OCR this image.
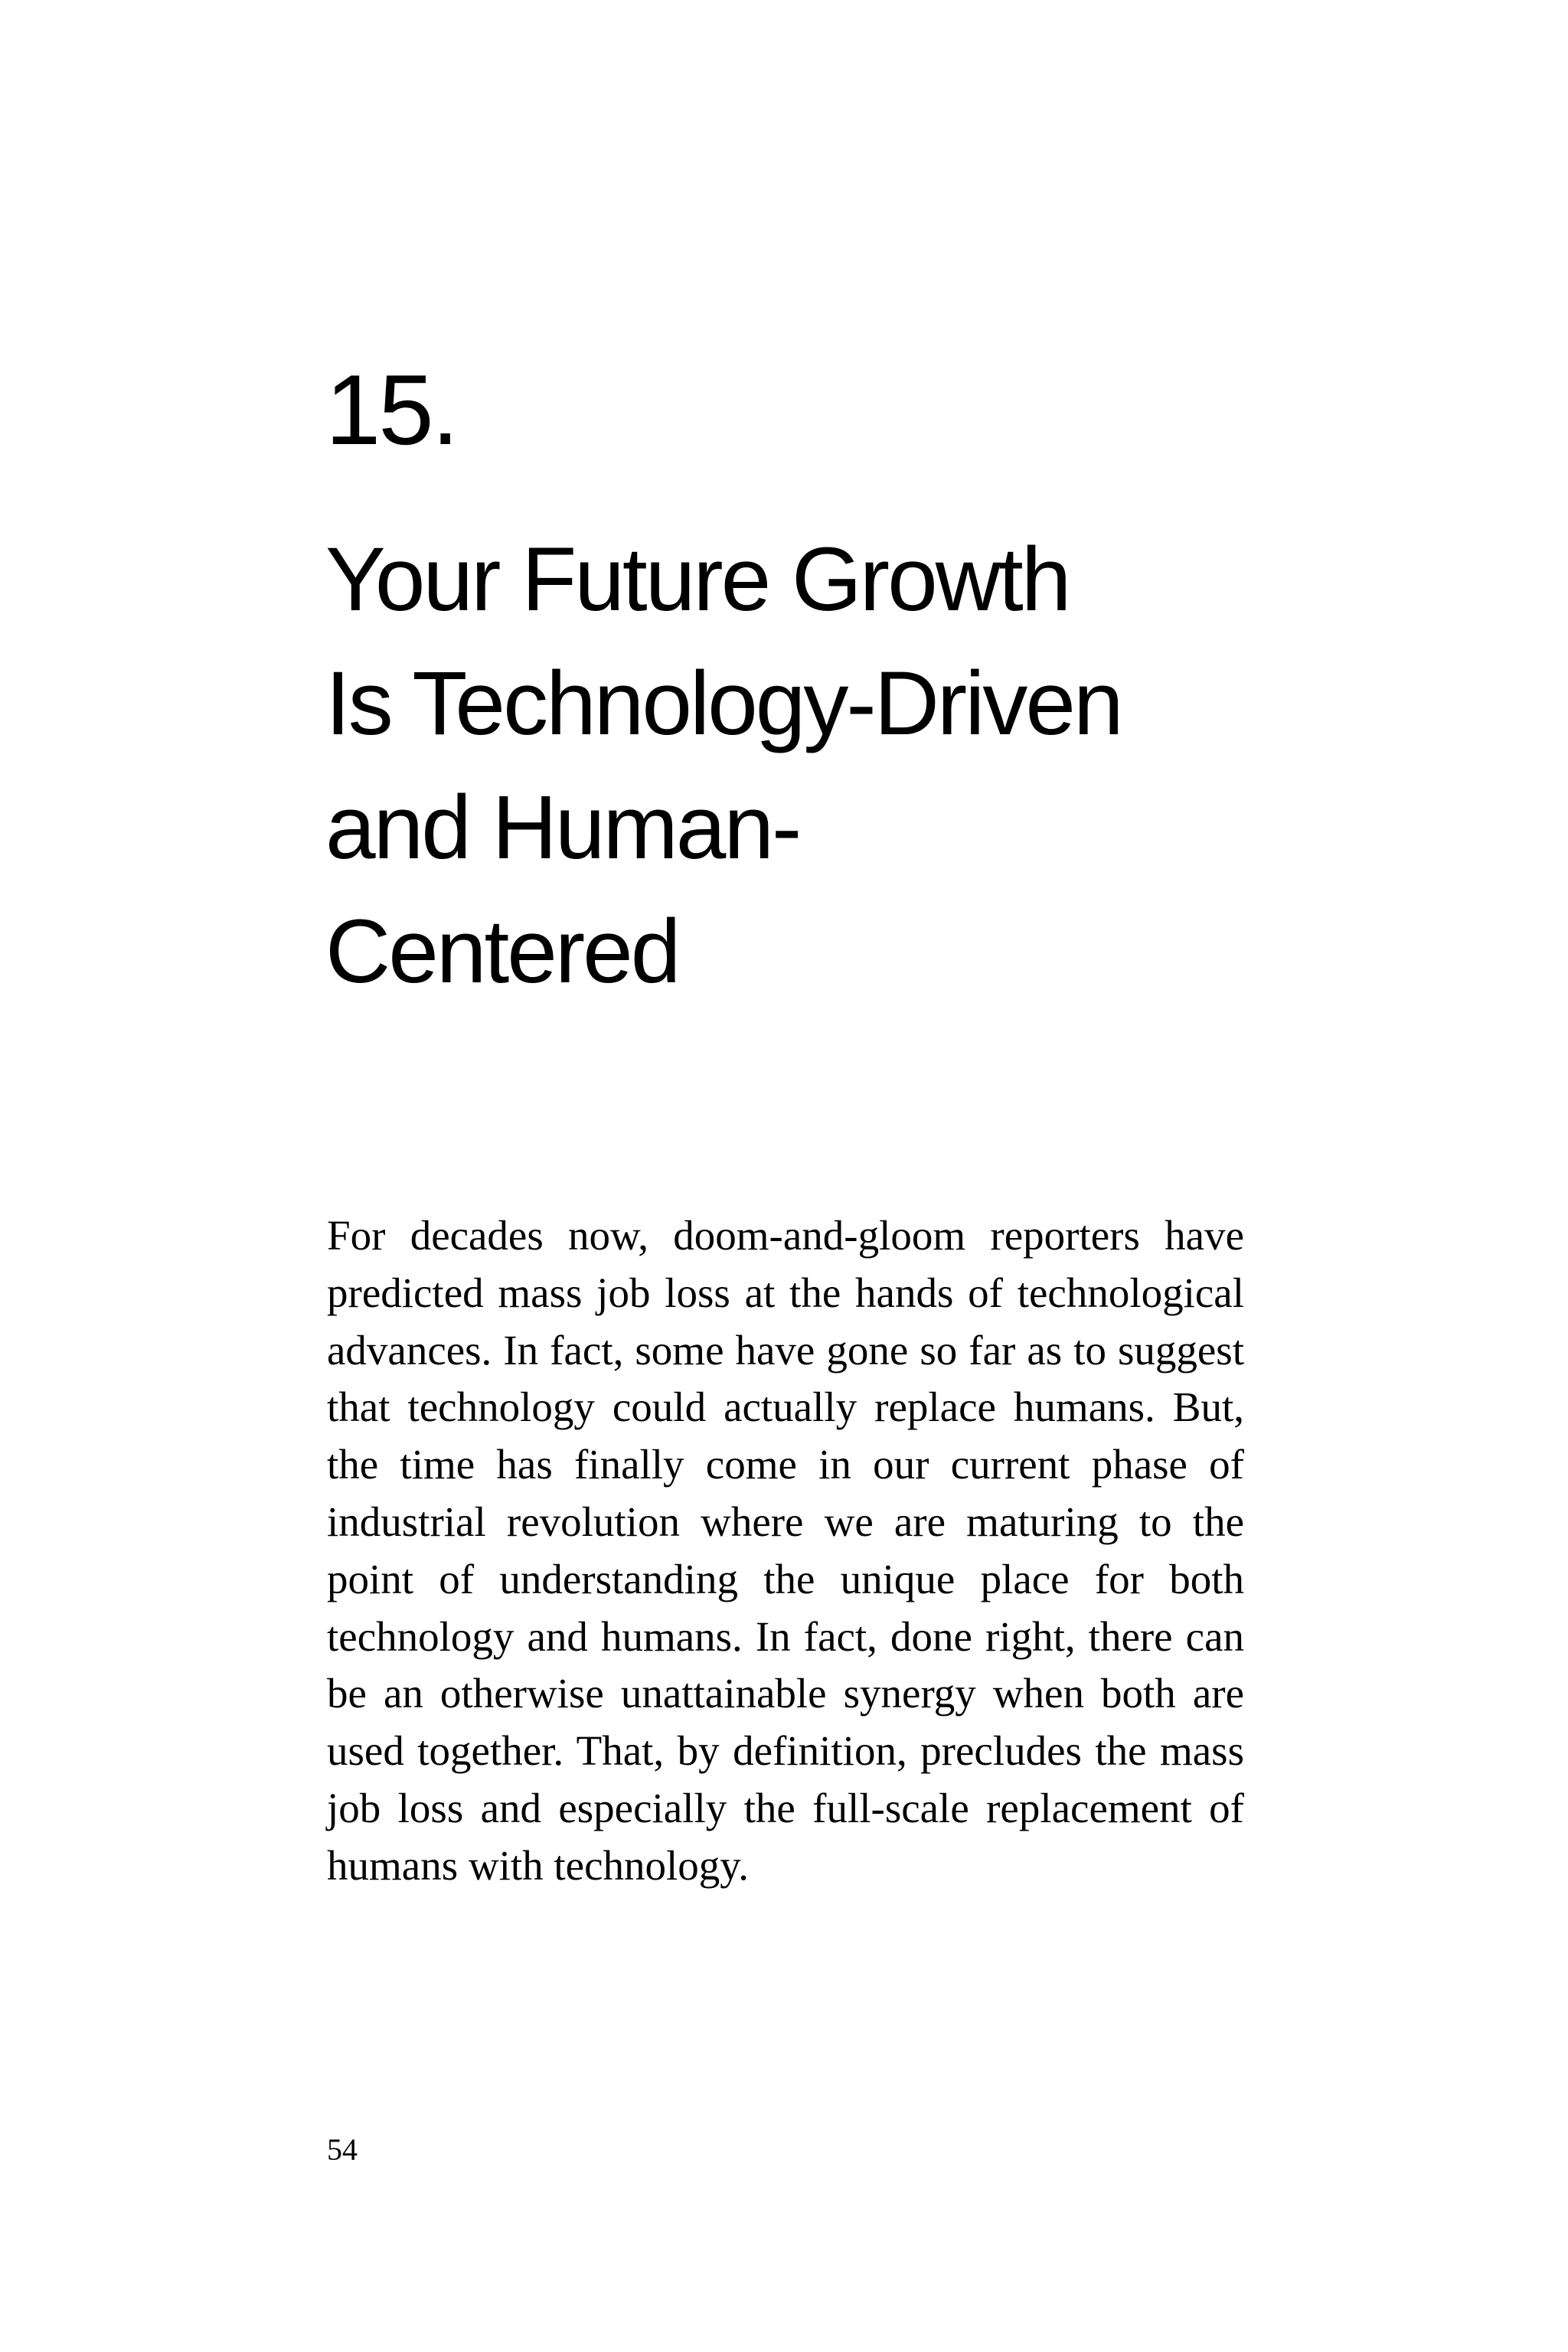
15.
Your Future Growth
Is Technology-Driven
and Human-
Centered

For decades now, doom-and-gloom reporters have predicted mass job loss at the hands of technological advances. In fact, some have gone so far as to suggest that technology could actually replace humans. But, the time has finally come in our current phase of industrial revolution where we are maturing to the point of understanding the unique place for both technology and humans. In fact, done right, there can be an otherwise unattainable synergy when both are used together. That, by definition, precludes the mass job loss and especially the full-scale replacement of humans with technology.

54
